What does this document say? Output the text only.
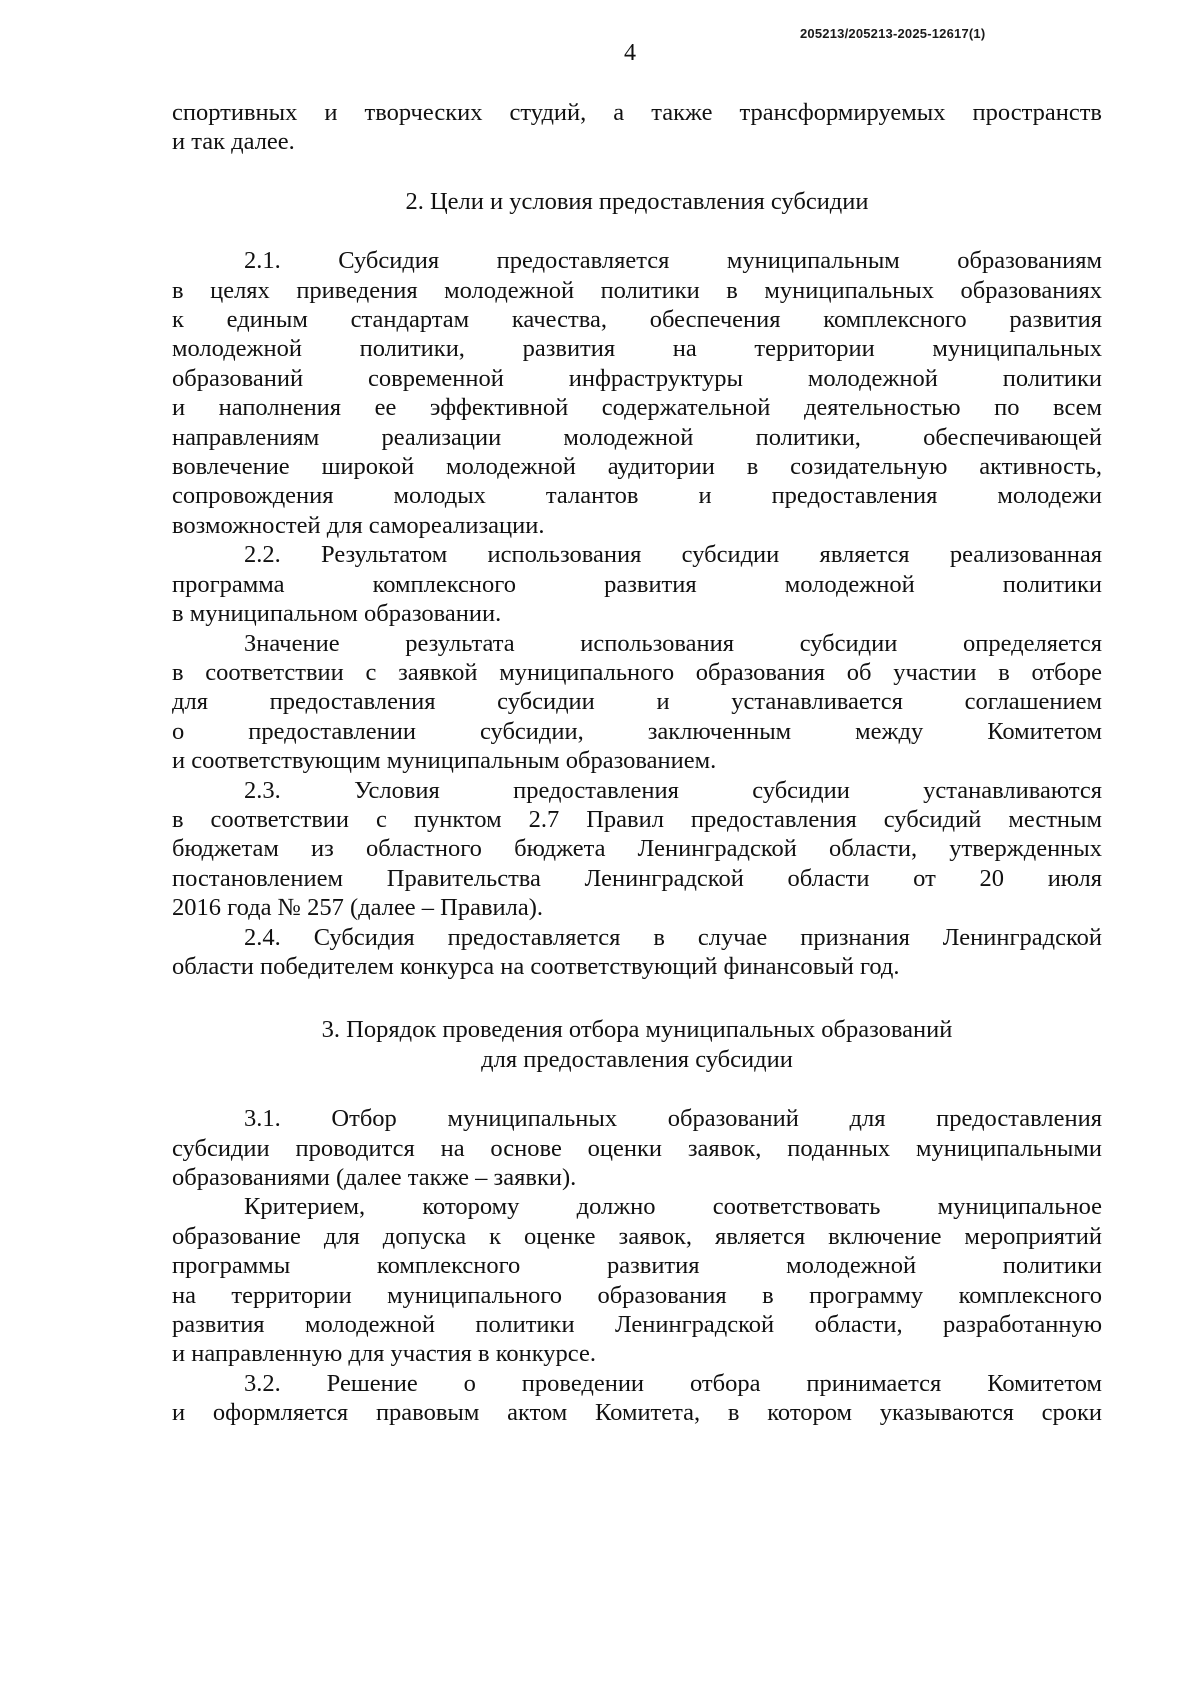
205213/205213-2025-12617(1)
4

спортивных и творческих студий, а также трансформируемых пространств

и так далее.

2. Цели и условия предоставления субсидии

2.1. Субсидия предоставляется муниципальным образованиям

в целях приведения молодежной политики в муниципальных образованиях

к единым стандартам качества, обеспечения комплексного развития

молодежной политики, развития на территории муниципальных

образований современной инфраструктуры молодежной политики

и наполнения ее эффективной содержательной деятельностью по всем

направлениям реализации молодежной политики, обеспечивающей

вовлечение широкой молодежной аудитории в созидательную активность,

сопровождения молодых талантов и предоставления молодежи

возможностей для самореализации.

2.2. Результатом использования субсидии является реализованная

программа комплексного развития молодежной политики

в муниципальном образовании.

Значение результата использования субсидии определяется

в соответствии с заявкой муниципального образования об участии в отборе

для предоставления субсидии и устанавливается соглашением

о предоставлении субсидии, заключенным между Комитетом

и соответствующим муниципальным образованием.

2.3. Условия предоставления субсидии устанавливаются

в соответствии с пунктом 2.7 Правил предоставления субсидий местным

бюджетам из областного бюджета Ленинградской области, утвержденных

постановлением Правительства Ленинградской области от 20 июля

2016 года № 257 (далее – Правила).

2.4. Субсидия предоставляется в случае признания Ленинградской

области победителем конкурса на соответствующий финансовый год.

3. Порядок проведения отбора муниципальных образований
для предоставления субсидии

3.1. Отбор муниципальных образований для предоставления

субсидии проводится на основе оценки заявок, поданных муниципальными

образованиями (далее также – заявки).

Критерием, которому должно соответствовать муниципальное

образование для допуска к оценке заявок, является включение мероприятий

программы комплексного развития молодежной политики

на территории муниципального образования в программу комплексного

развития молодежной политики Ленинградской области, разработанную

и направленную для участия в конкурсе.

3.2. Решение о проведении отбора принимается Комитетом

и оформляется правовым актом Комитета, в котором указываются сроки
